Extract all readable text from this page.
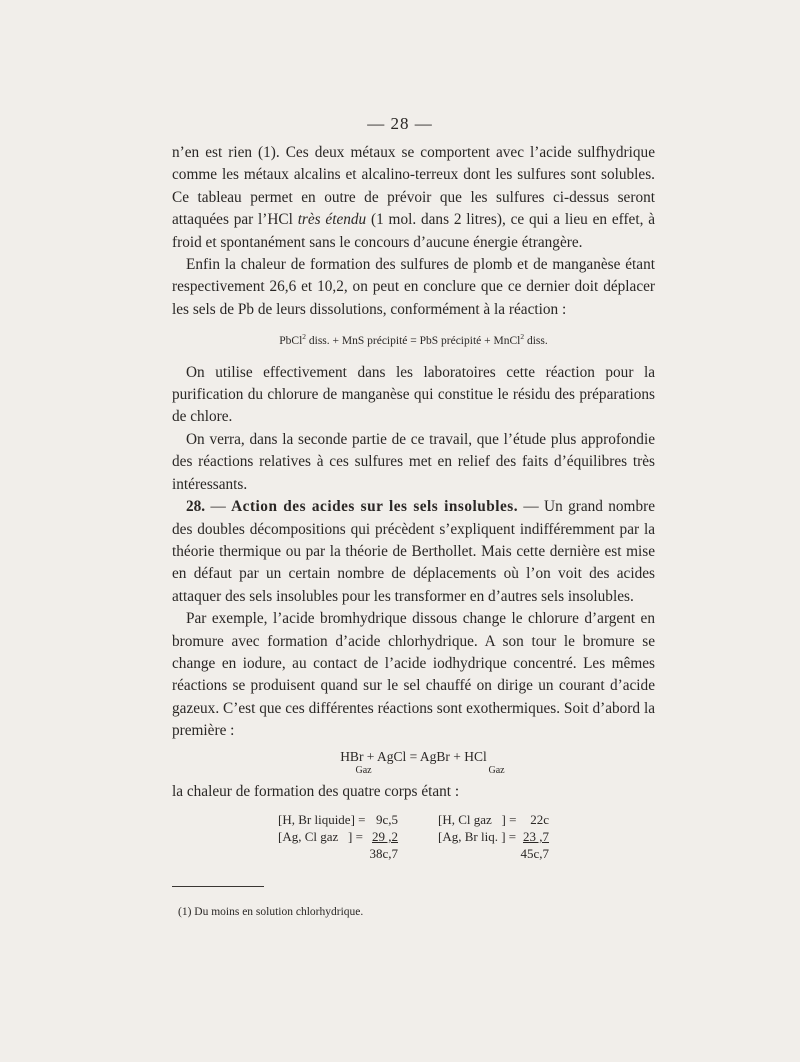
— 28 —

n’en est rien (1). Ces deux métaux se comportent avec l’acide sulfhydrique comme les métaux alcalins et alcalino-terreux dont les sulfures sont solubles. Ce tableau permet en outre de prévoir que les sulfures ci-dessus seront attaquées par l’HCl très étendu (1 mol. dans 2 litres), ce qui a lieu en effet, à froid et spontanément sans le concours d’aucune énergie étrangère.

Enfin la chaleur de formation des sulfures de plomb et de manganèse étant respectivement 26,6 et 10,2, on peut en conclure que ce dernier doit déplacer les sels de Pb de leurs dissolutions, conformément à la réaction :

PbCl$^2$ diss. + MnS précipité = PbS précipité + MnCl$^2$ diss.

On utilise effectivement dans les laboratoires cette réaction pour la purification du chlorure de manganèse qui constitue le résidu des préparations de chlore.

On verra, dans la seconde partie de ce travail, que l’étude plus approfondie des réactions relatives à ces sulfures met en relief des faits d’équilibres très intéressants.

28. — Action des acides sur les sels insolubles. — Un grand nombre des doubles décompositions qui précèdent s’expliquent indifféremment par la théorie thermique ou par la théorie de Berthollet. Mais cette dernière est mise en défaut par un certain nombre de déplacements où l’on voit des acides attaquer des sels insolubles pour les transformer en d’autres sels insolubles.

Par exemple, l’acide bromhydrique dissous change le chlorure d’argent en bromure avec formation d’acide chlorhydrique. A son tour le bromure se change en iodure, au contact de l’acide iodhydrique concentré. Les mêmes réactions se produisent quand sur le sel chauffé on dirige un courant d’acide gazeux. C’est que ces différentes réactions sont exothermiques. Soit d’abord la première :

HBr + AgCl = AgBr + HCl
Gaz	Gaz

la chaleur de formation des quatre corps étant :

[H, Br liquide] = 9c,5
[Ag, Cl gaz   ] = 29 ,2
38c,7
[H, Cl gaz   ] =	22c
[Ag, Br liq. ] = 23 ,7
45c,7
(1) Du moins en solution chlorhydrique.
